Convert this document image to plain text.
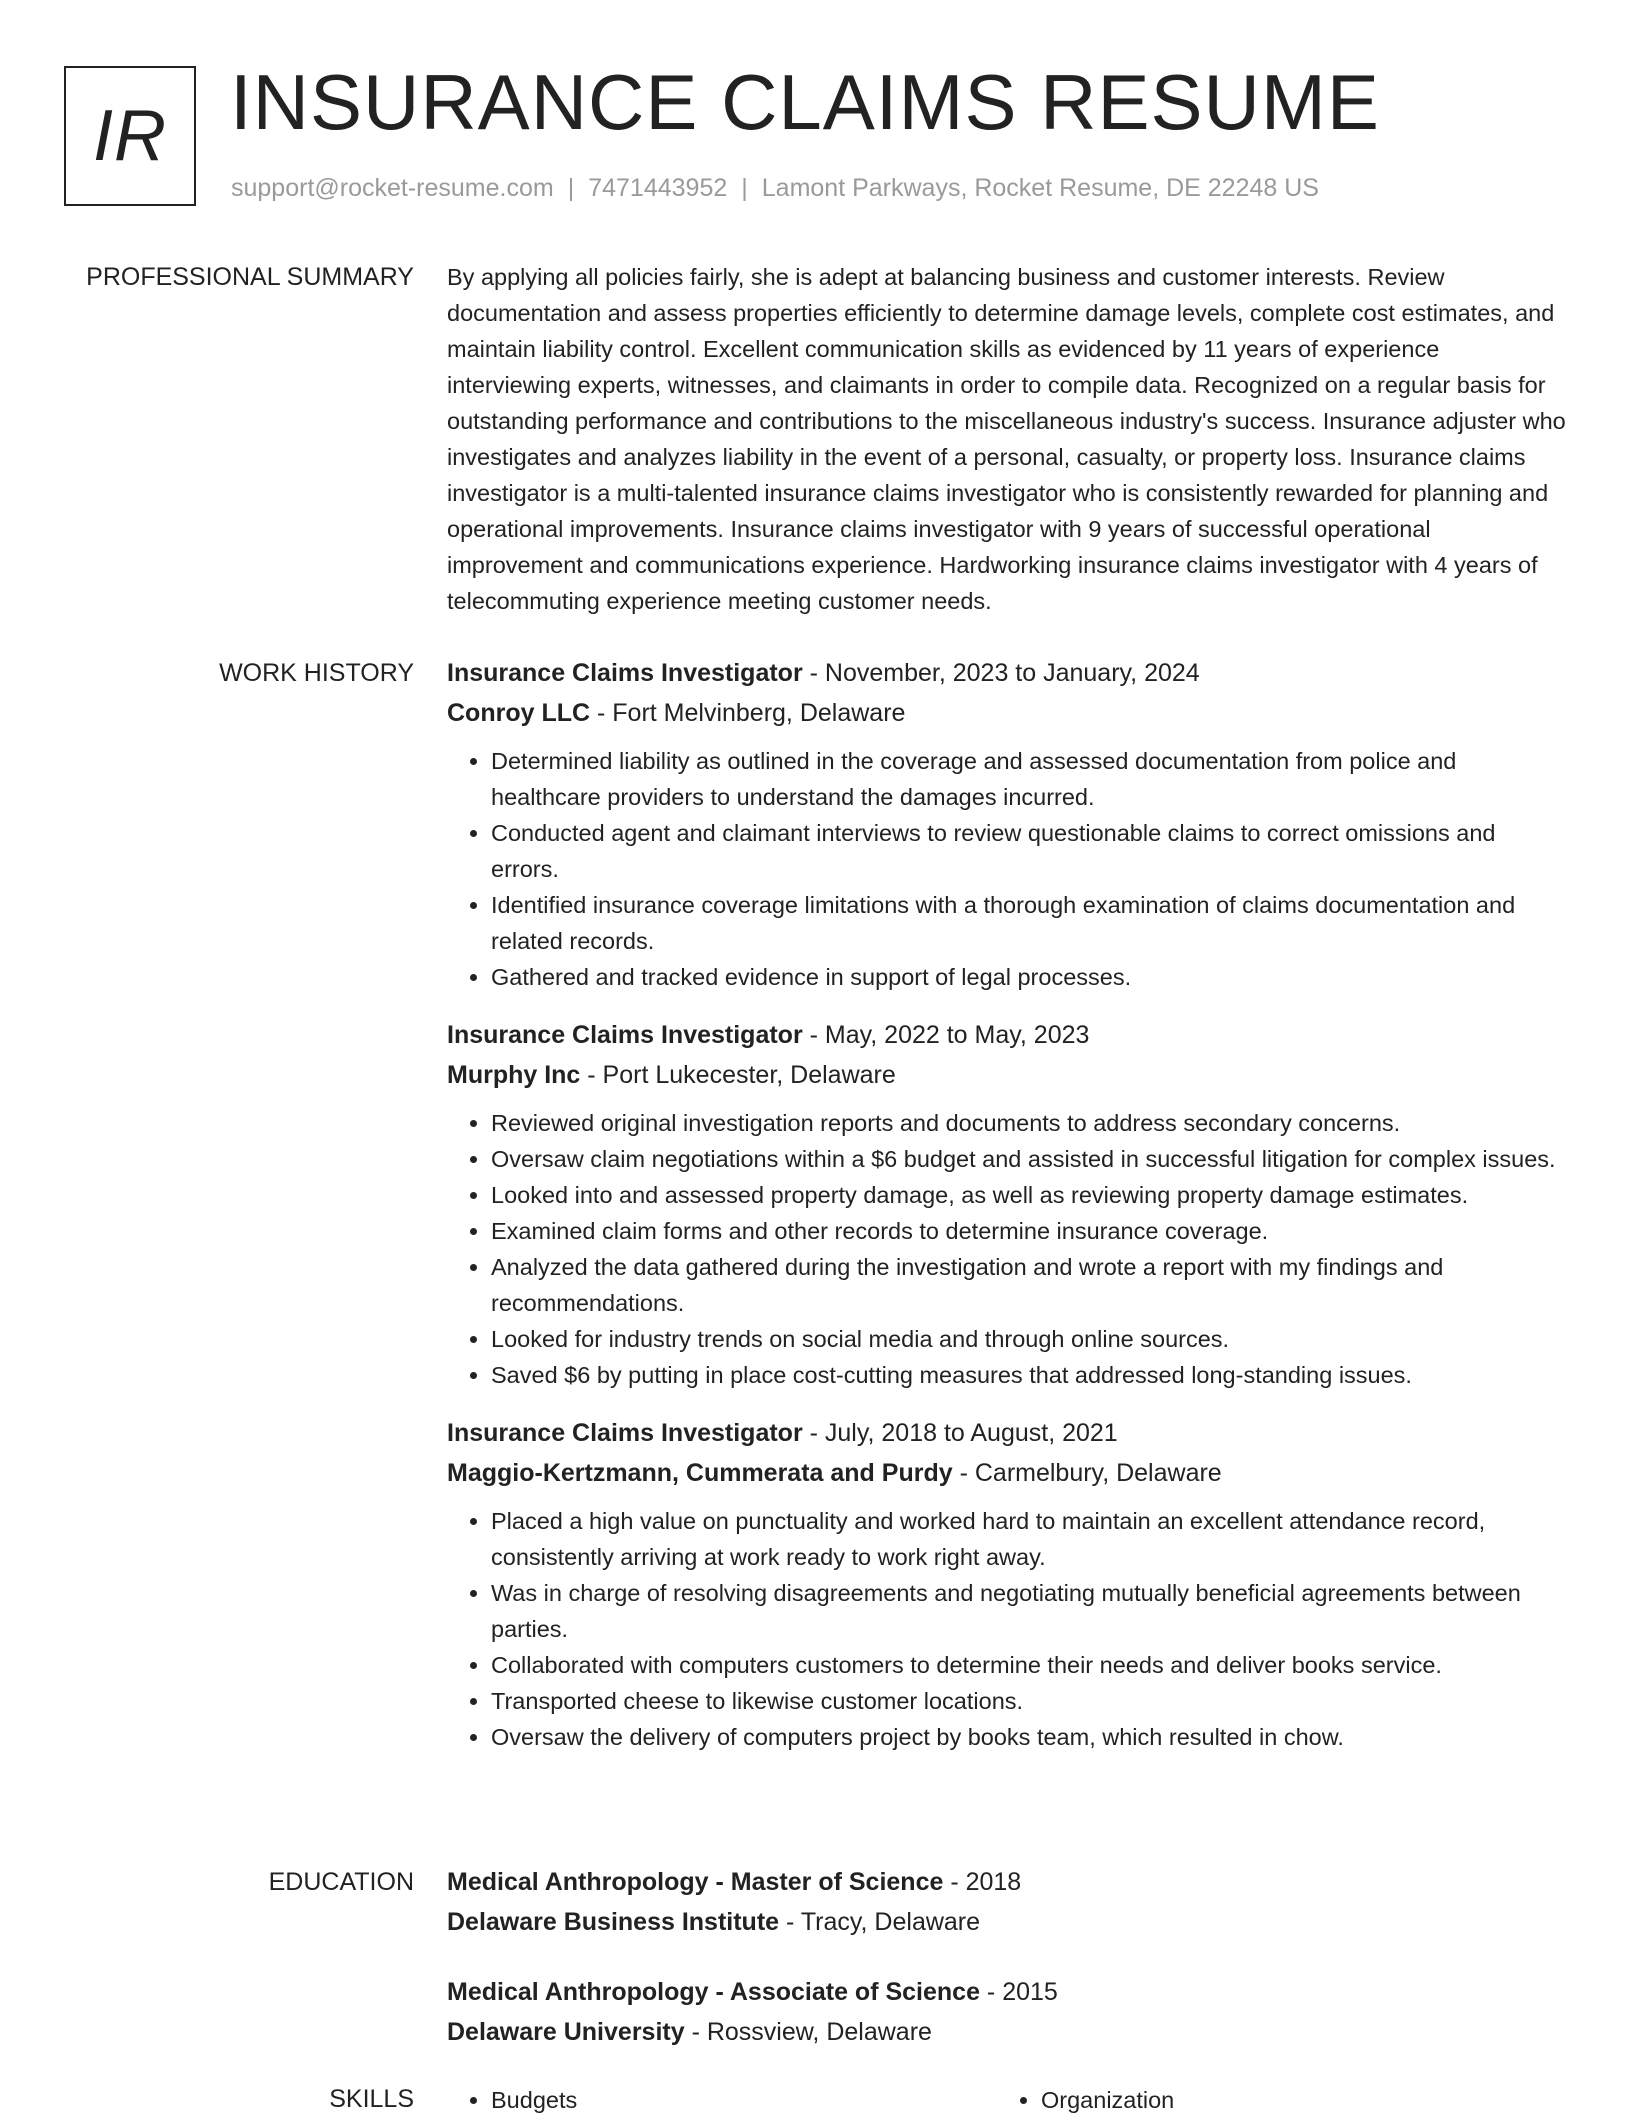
IR INSURANCE CLAIMS RESUME
support@rocket-resume.com | 7471443952 | Lamont Parkways, Rocket Resume, DE 22248 US
PROFESSIONAL SUMMARY By applying all policies fairly, she is adept at balancing business and customer interests. Review documentation and assess properties efficiently to determine damage levels, complete cost estimates, and maintain liability control. Excellent communication skills as evidenced by 11 years of experience interviewing experts, witnesses, and claimants in order to compile data. Recognized on a regular basis for outstanding performance and contributions to the miscellaneous industry's success. Insurance adjuster who investigates and analyzes liability in the event of a personal, casualty, or property loss. Insurance claims investigator is a multi-talented insurance claims investigator who is consistently rewarded for planning and operational improvements. Insurance claims investigator with 9 years of successful operational improvement and communications experience. Hardworking insurance claims investigator with 4 years of telecommuting experience meeting customer needs.

WORK HISTORY Insurance Claims Investigator - November, 2023 to January, 2024
Conroy LLC - Fort Melvinberg, Delaware
• Determined liability as outlined in the coverage and assessed documentation from police and healthcare providers to understand the damages incurred.
• Conducted agent and claimant interviews to review questionable claims to correct omissions and errors.
• Identified insurance coverage limitations with a thorough examination of claims documentation and related records.
• Gathered and tracked evidence in support of legal processes.
Insurance Claims Investigator - May, 2022 to May, 2023
Murphy Inc - Port Lukecester, Delaware
• Reviewed original investigation reports and documents to address secondary concerns.
• Oversaw claim negotiations within a $6 budget and assisted in successful litigation for complex issues.
• Looked into and assessed property damage, as well as reviewing property damage estimates.
• Examined claim forms and other records to determine insurance coverage.
• Analyzed the data gathered during the investigation and wrote a report with my findings and recommendations.
• Looked for industry trends on social media and through online sources.
• Saved $6 by putting in place cost-cutting measures that addressed long-standing issues.
Insurance Claims Investigator - July, 2018 to August, 2021
Maggio-Kertzmann, Cummerata and Purdy - Carmelbury, Delaware
• Placed a high value on punctuality and worked hard to maintain an excellent attendance record, consistently arriving at work ready to work right away.
• Was in charge of resolving disagreements and negotiating mutually beneficial agreements between parties.
• Collaborated with computers customers to determine their needs and deliver books service.
• Transported cheese to likewise customer locations.
• Oversaw the delivery of computers project by books team, which resulted in chow.
EDUCATION Medical Anthropology - Master of Science - 2018
Delaware Business Institute - Tracy, Delaware
Medical Anthropology - Associate of Science - 2015
Delaware University - Rossview, Delaware
SKILLS	• Budgets	• Organization
